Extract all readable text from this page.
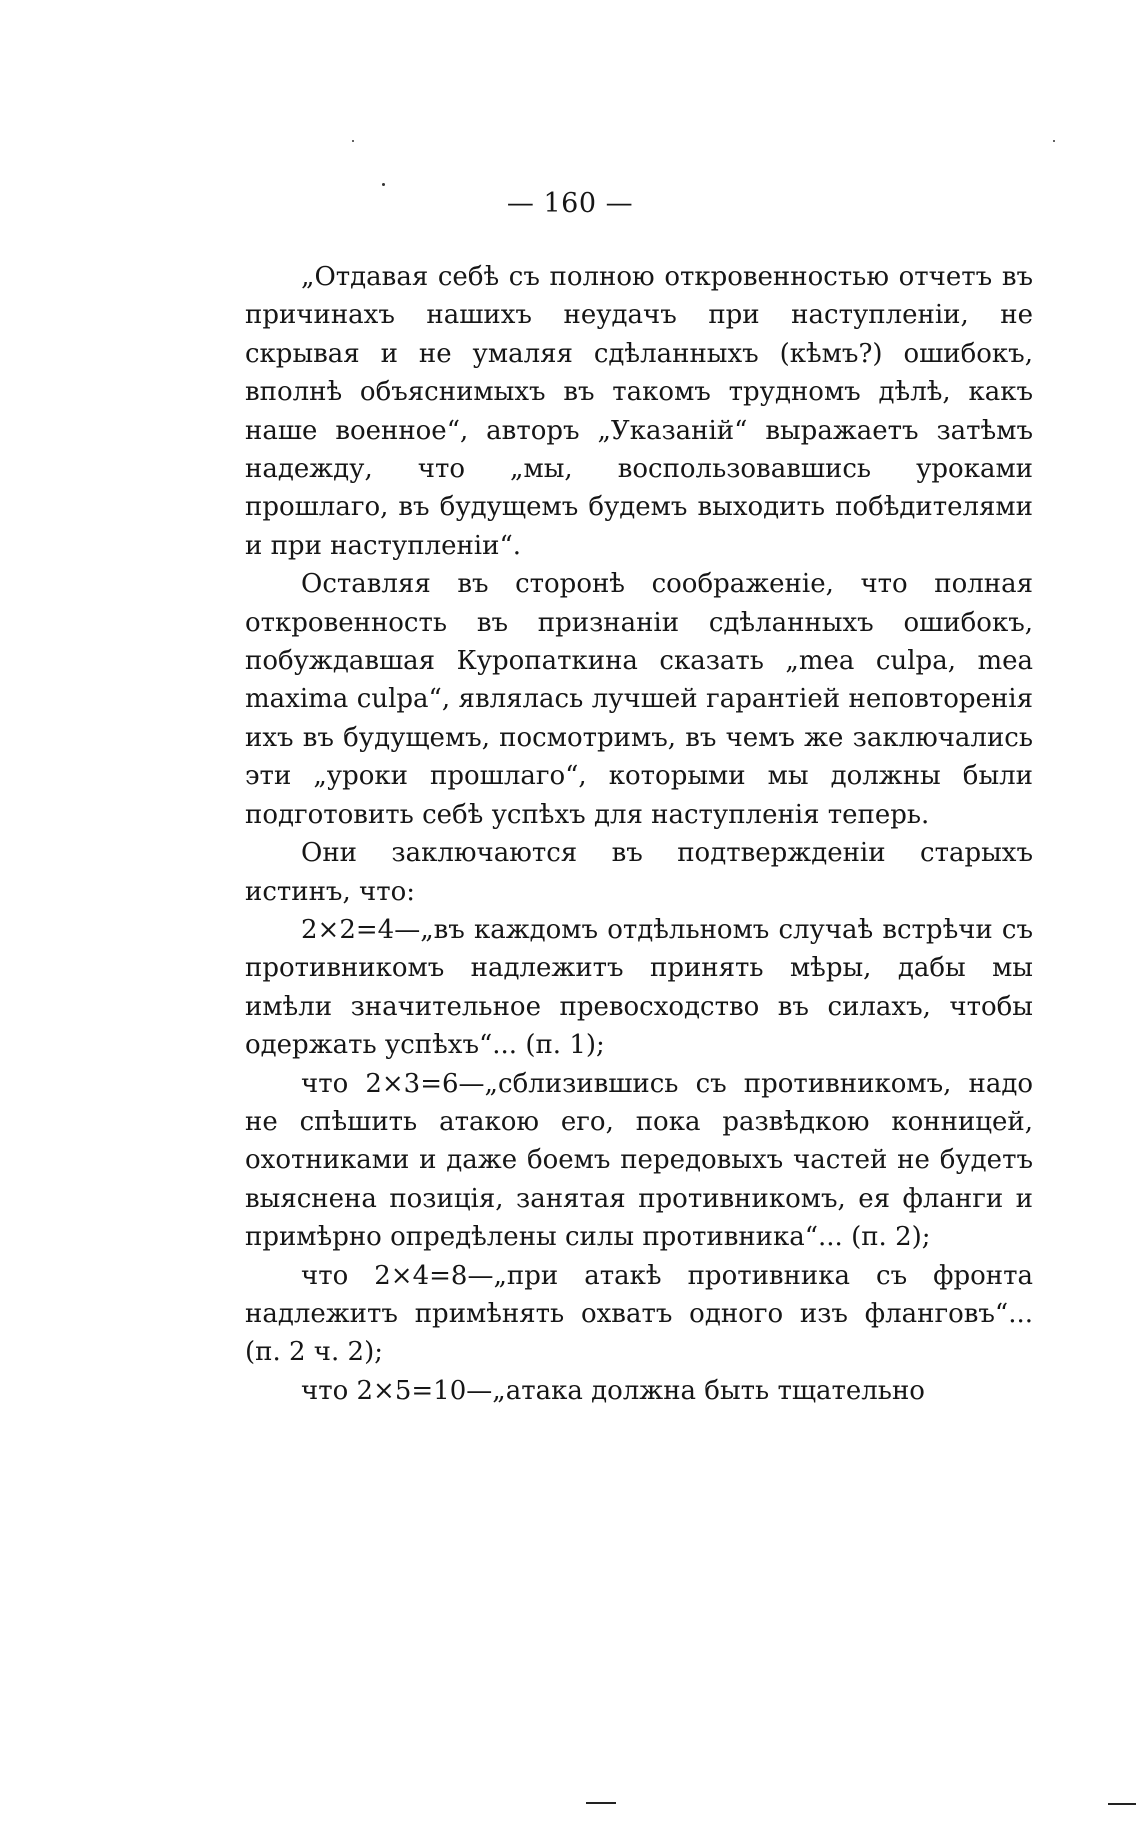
— 160 —

„Отдавая себѣ съ полною откровенностью отчетъ въ причинахъ нашихъ неудачъ при наступленіи, не скрывая и не умаляя сдѣланныхъ (кѣмъ?) ошибокъ, вполнѣ объяснимыхъ въ такомъ трудномъ дѣлѣ, какъ наше военное“, авторъ „Указаній“ выражаетъ затѣмъ надежду, что „мы, воспользовавшись уроками прошлаго, въ будущемъ будемъ выходить побѣдителями и при наступленіи“.

Оставляя въ сторонѣ соображеніе, что полная откровенность въ признаніи сдѣланныхъ ошибокъ, побуждавшая Куропаткина сказать „mea culpa, mea maxima culpa“, являлась лучшей гарантіей неповторенія ихъ въ будущемъ, посмотримъ, въ чемъ же заключались эти „уроки прошлаго“, которыми мы должны были подготовить себѣ успѣхъ для наступленія теперь.

Они заключаются въ подтвержденіи старыхъ истинъ, что:

2×2=4—„въ каждомъ отдѣльномъ случаѣ встрѣчи съ противникомъ надлежитъ принять мѣры, дабы мы имѣли значительное превосходство въ силахъ, чтобы одержать успѣхъ“... (п. 1);

что 2×3=6—„сблизившись съ противникомъ, надо не спѣшить атакою его, пока развѣдкою конницей, охотниками и даже боемъ передовыхъ частей не будетъ выяснена позиція, занятая противникомъ, ея фланги и примѣрно опредѣлены силы противника“... (п. 2);

что 2×4=8—„при атакѣ противника съ фронта надлежитъ примѣнять охватъ одного изъ фланговъ“... (п. 2 ч. 2);

что 2×5=10—„атака должна быть тщательно
